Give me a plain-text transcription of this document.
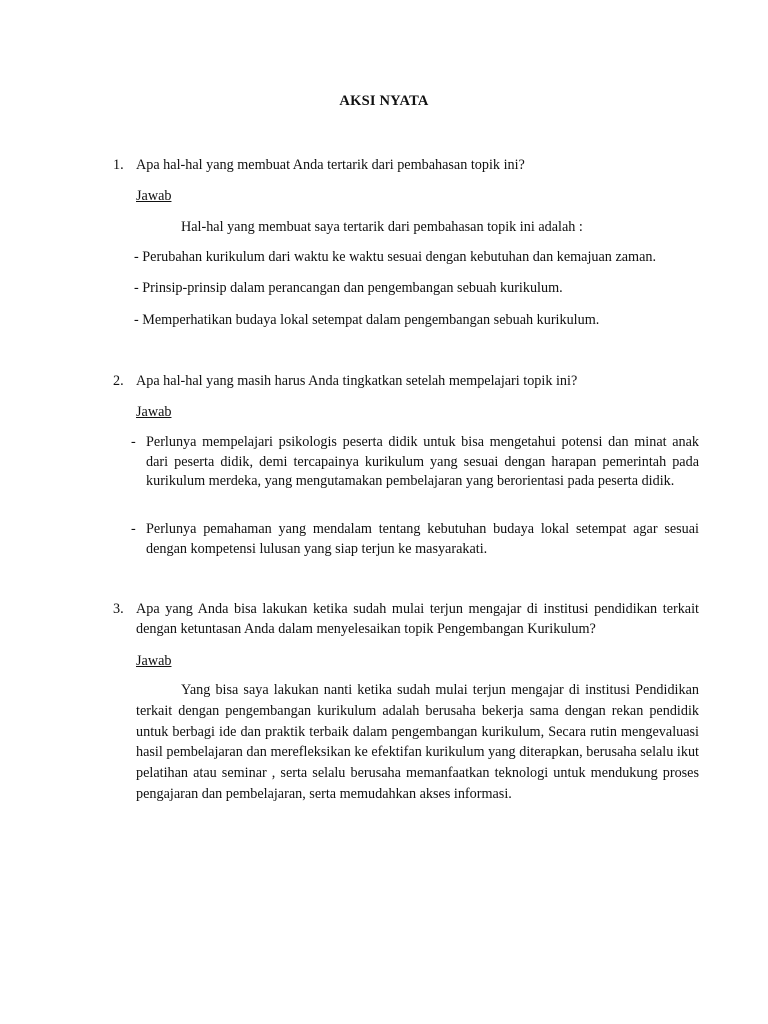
AKSI NYATA
1. Apa hal-hal yang membuat Anda tertarik dari pembahasan topik ini?
Jawab
Hal-hal yang membuat saya tertarik dari pembahasan topik ini adalah :
- Perubahan kurikulum dari waktu ke waktu sesuai dengan kebutuhan dan kemajuan zaman.
- Prinsip-prinsip dalam perancangan dan pengembangan sebuah kurikulum.
- Memperhatikan budaya lokal setempat dalam pengembangan sebuah kurikulum.
2. Apa hal-hal yang masih harus Anda tingkatkan setelah mempelajari topik ini?
Jawab
- Perlunya mempelajari psikologis peserta didik untuk bisa mengetahui potensi dan minat anak dari peserta didik, demi tercapainya kurikulum yang sesuai dengan harapan pemerintah pada kurikulum merdeka, yang mengutamakan pembelajaran yang berorientasi pada peserta didik.
- Perlunya pemahaman yang mendalam tentang kebutuhan budaya lokal setempat agar sesuai dengan kompetensi lulusan yang siap terjun ke masyarakati.
3. Apa yang Anda bisa lakukan ketika sudah mulai terjun mengajar di institusi pendidikan terkait dengan ketuntasan Anda dalam menyelesaikan topik Pengembangan Kurikulum?
Jawab
Yang bisa saya lakukan nanti ketika sudah mulai terjun mengajar di institusi Pendidikan terkait dengan pengembangan kurikulum adalah berusaha bekerja sama dengan rekan pendidik untuk berbagi ide dan praktik terbaik dalam pengembangan kurikulum, Secara rutin mengevaluasi hasil pembelajaran dan merefleksikan ke efektifan kurikulum yang diterapkan, berusaha selalu ikut pelatihan atau seminar , serta selalu berusaha memanfaatkan teknologi untuk mendukung proses pengajaran dan pembelajaran, serta memudahkan akses informasi.
